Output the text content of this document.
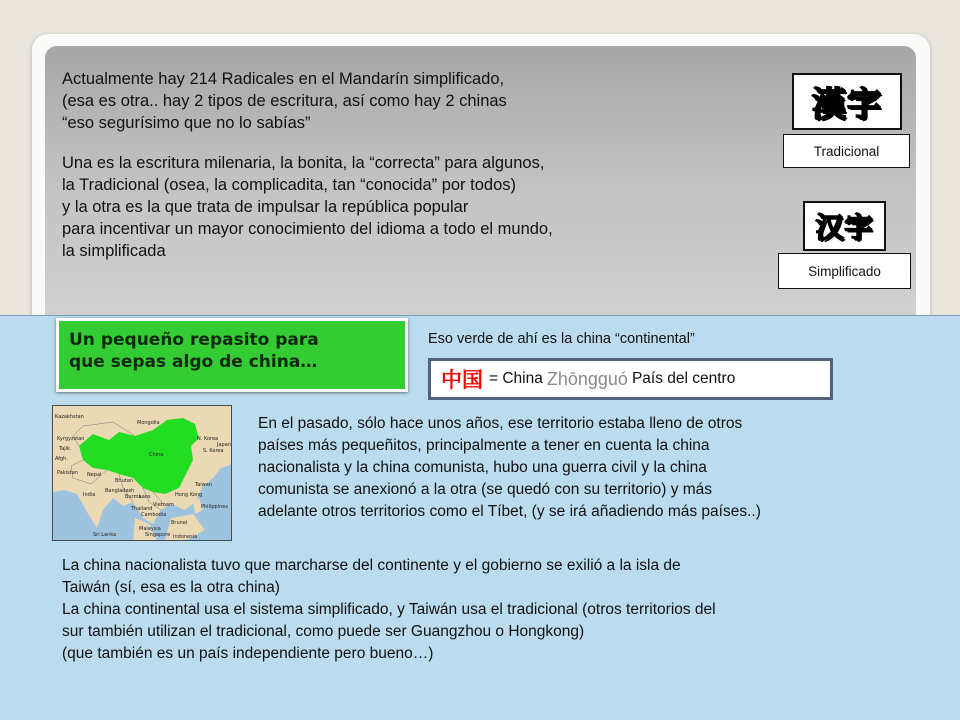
Actualmente hay 214 Radicales en el Mandarín simplificado,

(esa es otra.. hay 2 tipos de escritura, así como hay 2 chinas

“eso segurísimo que no lo sabías”

Una es la escritura milenaria, la bonita, la “correcta” para algunos,

la Tradicional (osea, la complicadita, tan “conocida” por todos)

y la otra es la que trata de impulsar la república popular

para incentivar un mayor conocimiento del idioma a todo el mundo,

la simplificada

漢字
Tradicional
汉字
Simplificado
Un pequeño repasito para
que sepas algo de china…
Eso verde de ahí es la china “continental”
中国 = China Zhōngguó País del centro
Kazakhstan
Mongolia
Kyrgyzstan
Tajik.
Afgh.
Pakistan Nepal
Bhutan
India
China
Sri Lanka
Bangladesh
Burma
Laos
Thailand
Cambodia
Vietnam
Malaysia
Philippines
Taiwan
Hong Kong
N. Korea
S. Korea
Japan
Indonesia
Brunei
Singapore

En el pasado, sólo hace unos años, ese territorio estaba lleno de otros

países más pequeñitos, principalmente a tener en cuenta la china

nacionalista y la china comunista, hubo una guerra civil y la china

comunista se anexionó a la otra (se quedó con su territorio) y más

adelante otros territorios como el Tíbet, (y se irá añadiendo más países..)

La china nacionalista tuvo que marcharse del continente y el gobierno se exilió a la isla de

Taiwán (sí, esa es la otra china)

La china continental usa el sistema simplificado, y Taiwán usa el tradicional (otros territorios del

sur también utilizan el tradicional, como puede ser Guangzhou o Hongkong)

(que también es un país independiente pero bueno…)
